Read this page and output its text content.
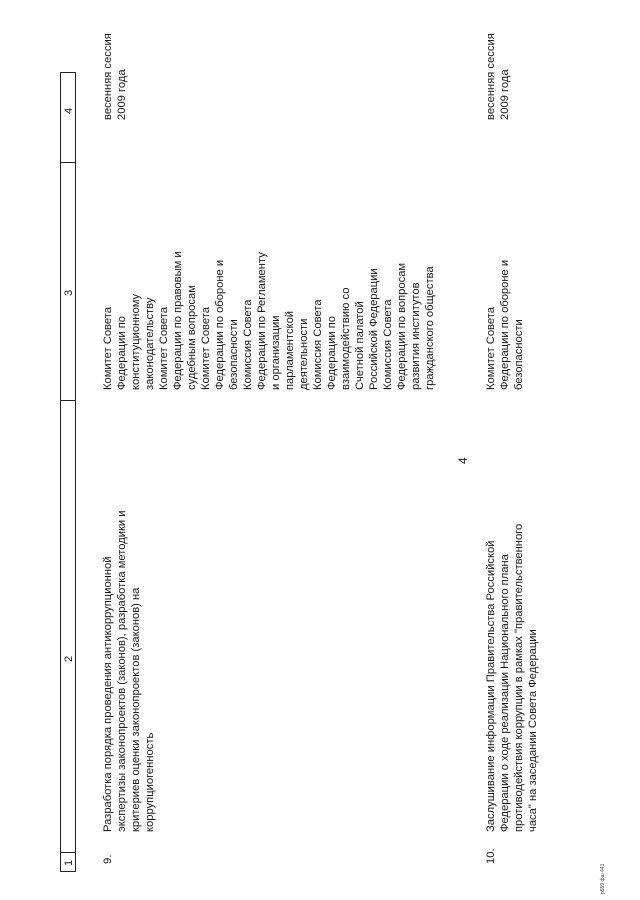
4
1
2
3
4
9.
Разработка порядка проведения антикоррупционной экспертизы законопроектов (законов), разработка методики и критериев оценки законопроектов (законов) на коррупциогенность
Комитет Совета Федерации по конституционному законодательству Комитет Совета Федерации по правовым и судебным вопросам Комитет Совета Федерации по обороне и безопасности Комиссия Совета Федерации по Регламенту и организации парламентской деятельности Комиссия Совета Федерации по взаимодействию со Счетной палатой Российской Федерации Комиссия Совета Федерации по вопросам развития институтов гражданского общества
весенняя сессия 2009 года
10.
Заслушивание информации Правительства Российской Федерации о ходе реализации Национального плана противодействия коррупции в рамках "правительственного часа" на заседании Совета Федерации
Комитет Совета Федерации по обороне и безопасности
весенняя сессия 2009 года
р559 фш 441
